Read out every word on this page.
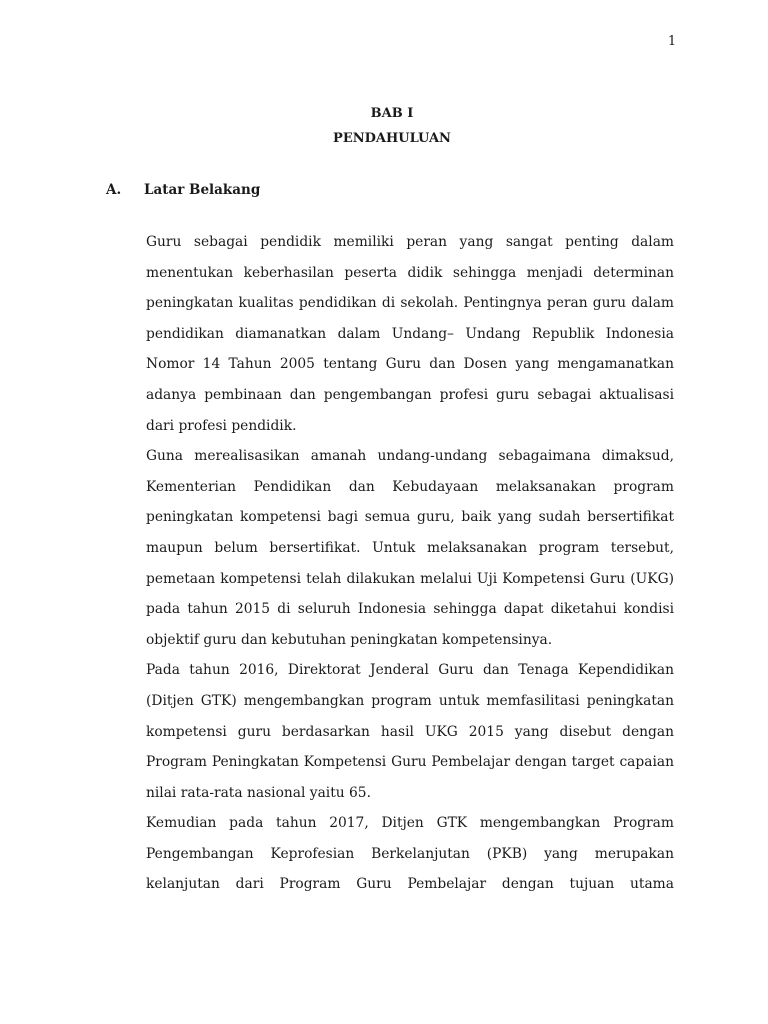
1
BAB I
PENDAHULUAN
A. Latar Belakang

Guru sebagai pendidik memiliki peran yang sangat penting dalam menentukan keberhasilan peserta didik sehingga menjadi determinan peningkatan kualitas pendidikan di sekolah. Pentingnya peran guru dalam pendidikan diamanatkan dalam Undang– Undang Republik Indonesia Nomor 14 Tahun 2005 tentang Guru dan Dosen yang mengamanatkan adanya pembinaan dan pengembangan profesi guru sebagai aktualisasi dari profesi pendidik.

Guna merealisasikan amanah undang-undang sebagaimana dimaksud, Kementerian Pendidikan dan Kebudayaan melaksanakan program peningkatan kompetensi bagi semua guru, baik yang sudah bersertifikat maupun belum bersertifikat. Untuk melaksanakan program tersebut, pemetaan kompetensi telah dilakukan melalui Uji Kompetensi Guru (UKG) pada tahun 2015 di seluruh Indonesia sehingga dapat diketahui kondisi objektif guru dan kebutuhan peningkatan kompetensinya.

Pada tahun 2016, Direktorat Jenderal Guru dan Tenaga Kependidikan (Ditjen GTK) mengembangkan program untuk memfasilitasi peningkatan kompetensi guru berdasarkan hasil UKG 2015 yang disebut dengan Program Peningkatan Kompetensi Guru Pembelajar dengan target capaian nilai rata-rata nasional yaitu 65.

Kemudian pada tahun 2017, Ditjen GTK mengembangkan Program Pengembangan Keprofesian Berkelanjutan (PKB) yang merupakan kelanjutan dari Program Guru Pembelajar dengan tujuan utama
